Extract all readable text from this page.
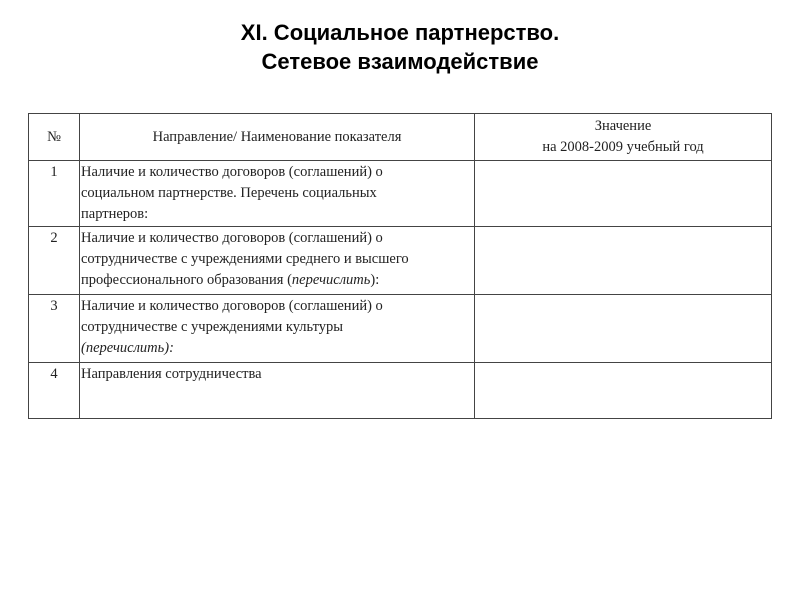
XI. Социальное партнерство.
Сетевое взаимодействие
№	Направление/ Наименование показателя	Значение
на 2008-2009 учебный год

1	Наличие и количество договоров (соглашений) о
социальном партнерстве. Перечень социальных
партнеров:	

2	Наличие и количество договоров (соглашений) о
сотрудничестве с учреждениями среднего и высшего
профессионального образования (перечислить):	

3	Наличие и количество договоров (соглашений) о
сотрудничестве с учреждениями культуры
(перечислить):	

4	Направления сотрудничества	
